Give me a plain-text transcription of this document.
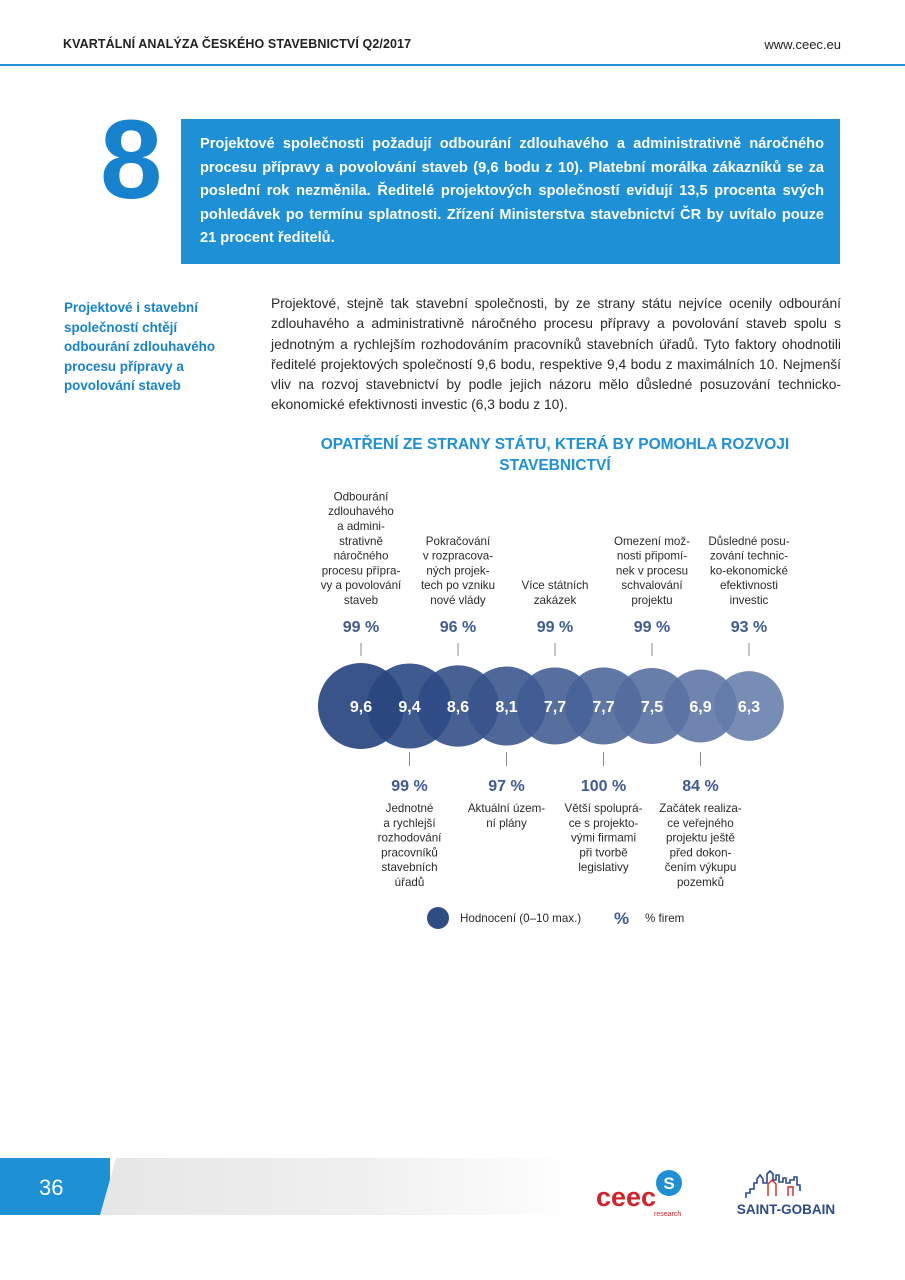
KVARTÁLNÍ ANALÝZA ČESKÉHO STAVEBNICTVÍ Q2/2017	www.ceec.eu
8	Projektové společnosti požadují odbourání zdlouhavého a administrativně náročného procesu přípravy a povolování staveb (9,6 bodu z 10). Platební morálka zákazníků se za poslední rok nezměnila. Ředitelé projektových společností evidují 13,5 procenta svých pohledávek po termínu splatnosti. Zřízení Ministerstva stavebnictví ČR by uvítalo pouze 21 procent ředitelů.

Projektové i stavební společností chtějí odbourání zdlouhavého procesu přípravy a povolování staveb

Projektové, stejně tak stavební společnosti, by ze strany státu nejvíce ocenily odbourání zdlouhavého a administrativně náročného procesu přípravy a povolování staveb spolu s jednotným a rychlejším rozhodováním pracovníků stavebních úřadů. Tyto faktory ohodnotili ředitelé projektových společností 9,6 bodu, respektive 9,4 bodu z maximálních 10. Nejmenší vliv na rozvoj stavebnictví by podle jejich názoru mělo důsledné posuzování technicko-ekonomické efektivnosti investic (6,3 bodu z 10).

OPATŘENÍ ZE STRANY STÁTU, KTERÁ BY POMOHLA ROZVOJI STAVEBNICTVÍ
9,6 9,4 8,6 8,1 7,7 7,7 7,5 6,9 6,3
99 %
Odbourání
zdlouhavého
a admini-
strativně
náročného
procesu přípra-
vy a povolování
staveb
99 %
Jednotné
a rychlejší
rozhodování
pracovníků
stavebních
úřadů
96 %
Pokračování
v rozpracova-
ných projek-
tech po vzniku
nové vlády
97 %
Aktuální územ-
ní plány
99 %
Více státních
zakázek
100 %
Větší spoluprá-
ce s projekto-
vými firmami
při tvorbě
legislativy
99 %
Omezení mož-
nosti připomí-
nek v procesu
schvalování
projektu
84 %
Začátek realiza-
ce veřejného
projektu ještě
před dokon-
čením výkupu
pozemků
93 %
Důsledné posu-
zování technic-
ko-ekonomické
efektivnosti
investic
Hodnocení (0–10 max.) % % firem
36	S
ceec
research	SAINT-GOBAIN
